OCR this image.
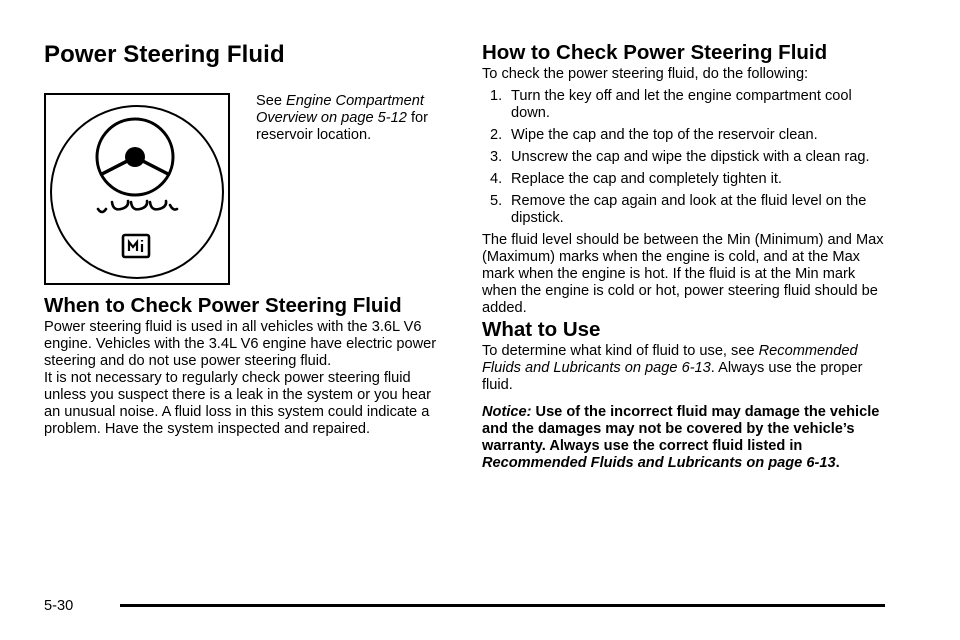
Power Steering Fluid
See Engine Compartment Overview on page 5-12 for reservoir location.
When to Check Power Steering Fluid

Power steering fluid is used in all vehicles with the 3.6L V6 engine. Vehicles with the 3.4L V6 engine have electric power steering and do not use power steering fluid.

It is not necessary to regularly check power steering fluid unless you suspect there is a leak in the system or you hear an unusual noise. A fluid loss in this system could indicate a problem. Have the system inspected and repaired.

How to Check Power Steering Fluid

To check the power steering fluid, do the following:

1. Turn the key off and let the engine compartment cool down.
2. Wipe the cap and the top of the reservoir clean.
3. Unscrew the cap and wipe the dipstick with a clean rag.
4. Replace the cap and completely tighten it.
5. Remove the cap again and look at the fluid level on the dipstick.

The fluid level should be between the Min (Minimum) and Max (Maximum) marks when the engine is cold, and at the Max mark when the engine is hot. If the fluid is at the Min mark when the engine is cold or hot, power steering fluid should be added.

What to Use

To determine what kind of fluid to use, see Recommended Fluids and Lubricants on page 6-13. Always use the proper fluid.

Notice: Use of the incorrect fluid may damage the vehicle and the damages may not be covered by the vehicle’s warranty. Always use the correct fluid listed in Recommended Fluids and Lubricants on page 6-13.

5-30
